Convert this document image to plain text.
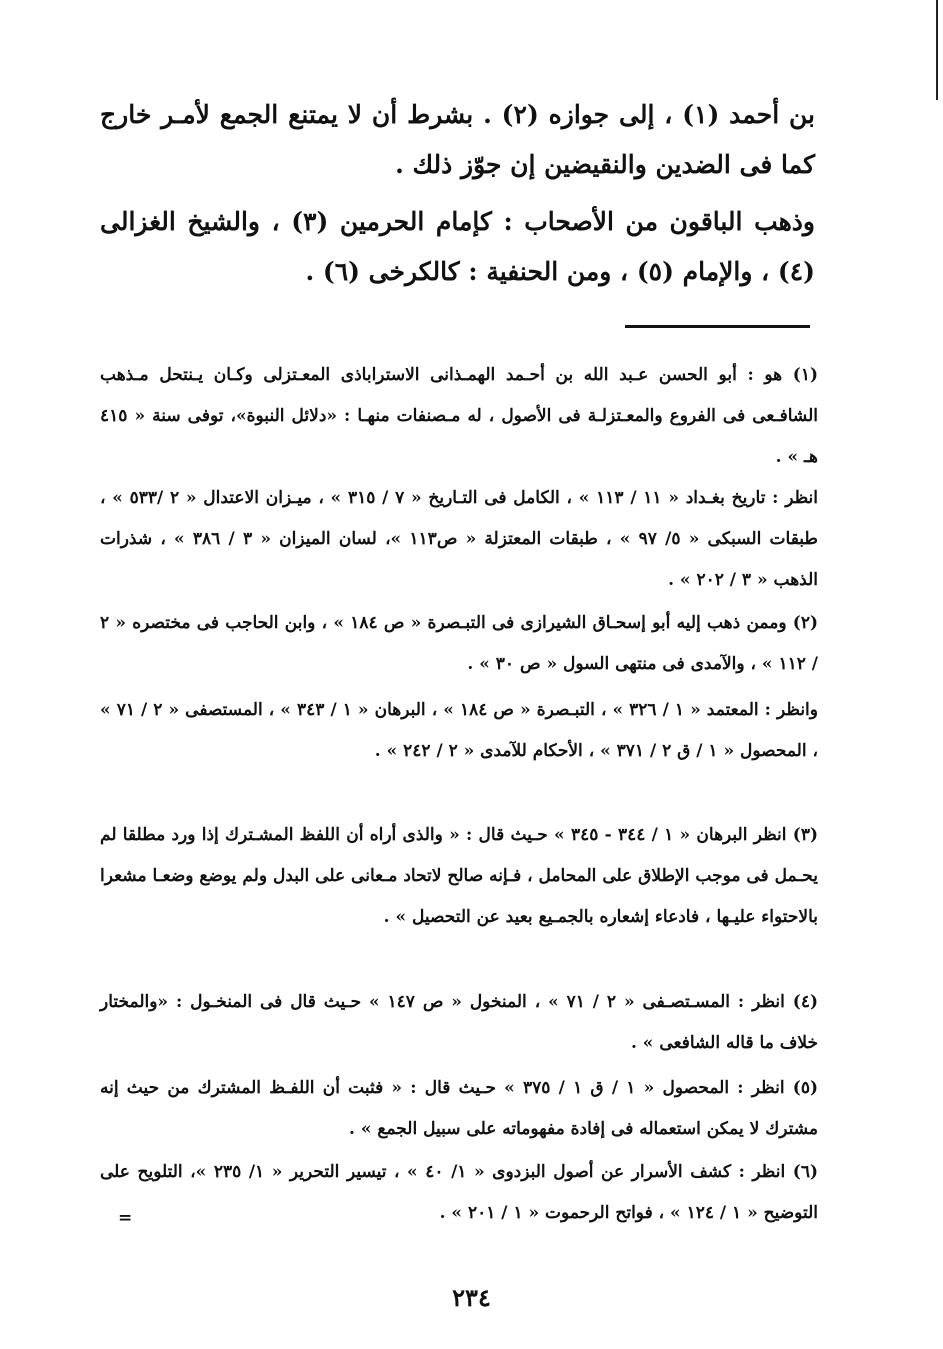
بن أحمد (١) ، إلى جوازه (٢) . بشرط أن لا يمتنع الجمع لأمـر خارج كما فى الضدين والنقيضين إن جوّز ذلك .

وذهب الباقون من الأصحاب : كإمام الحرمين (٣) ، والشيخ الغزالى (٤) ، والإمام (٥) ، ومن الحنفية : كالكرخى (٦) .

(١) هو : أبو الحسن عـبد الله بن أحـمد الهمـذانى الاستراباذى المعـتزلى وكـان يـنتحل مـذهب الشافـعى فى الفروع والمعـتزلـة فى الأصول ، له مـصنفات منهـا : «دلائل النبوة»، توفى سنة « ٤١٥ هـ » .

انظر : تاريخ بغـداد « ١١ / ١١٣ » ، الكامل فى التـاريخ « ٧ / ٣١٥ » ، ميـزان الاعتدال « ٢ /٥٣٣ » ، طبقات السبكى « ٥/ ٩٧ » ، طبقات المعتزلة « ص١١٣ »، لسان الميزان « ٣ / ٣٨٦ » ، شذرات الذهب « ٣ / ٢٠٢ » .

(٢) وممن ذهب إليه أبو إسحـاق الشيرازى فى التبـصرة « ص ١٨٤ » ، وابن الحاجب فى مختصره « ٢ / ١١٢ » ، والآمدى فى منتهى السول « ص ٣٠ » .

وانظر : المعتمد « ١ / ٣٢٦ » ، التبـصرة « ص ١٨٤ » ، البرهان « ١ / ٣٤٣ » ، المستصفى « ٢ / ٧١ » ، المحصول « ١ / ق ٢ / ٣٧١ » ، الأحكام للآمدى « ٢ / ٢٤٢ » .

(٣) انظر البرهان « ١ / ٣٤٤ - ٣٤٥ » حـيث قال : « والذى أراه أن اللفظ المشـترك إذا ورد مطلقا لم يحـمل فى موجب الإطلاق على المحامل ، فـإنه صالح لاتحاد مـعانى على البدل ولم يوضع وضعـا مشعرا بالاحتواء عليـها ، فادعاء إشعاره بالجمـيع بعيد عن التحصيل » .

(٤) انظر : المسـتصـفى « ٢ / ٧١ » ، المنخول « ص ١٤٧ » حـيث قال فى المنخـول : «والمختار خلاف ما قاله الشافعى » .

(٥) انظر : المحصول « ١ / ق ١ / ٣٧٥ » حـيث قال : « فثبت أن اللفـظ المشترك من حيث إنه مشترك لا يمكن استعماله فى إفادة مفهوماته على سبيل الجمع » .

(٦) انظر : كشف الأسرار عن أصول البزدوى « ١/ ٤٠ » ، تيسير التحرير « ١/ ٢٣٥ »، التلويح على التوضيح « ١ / ١٢٤ » ، فواتح الرحموت « ١ / ٢٠١ » .

=
٢٣٤
